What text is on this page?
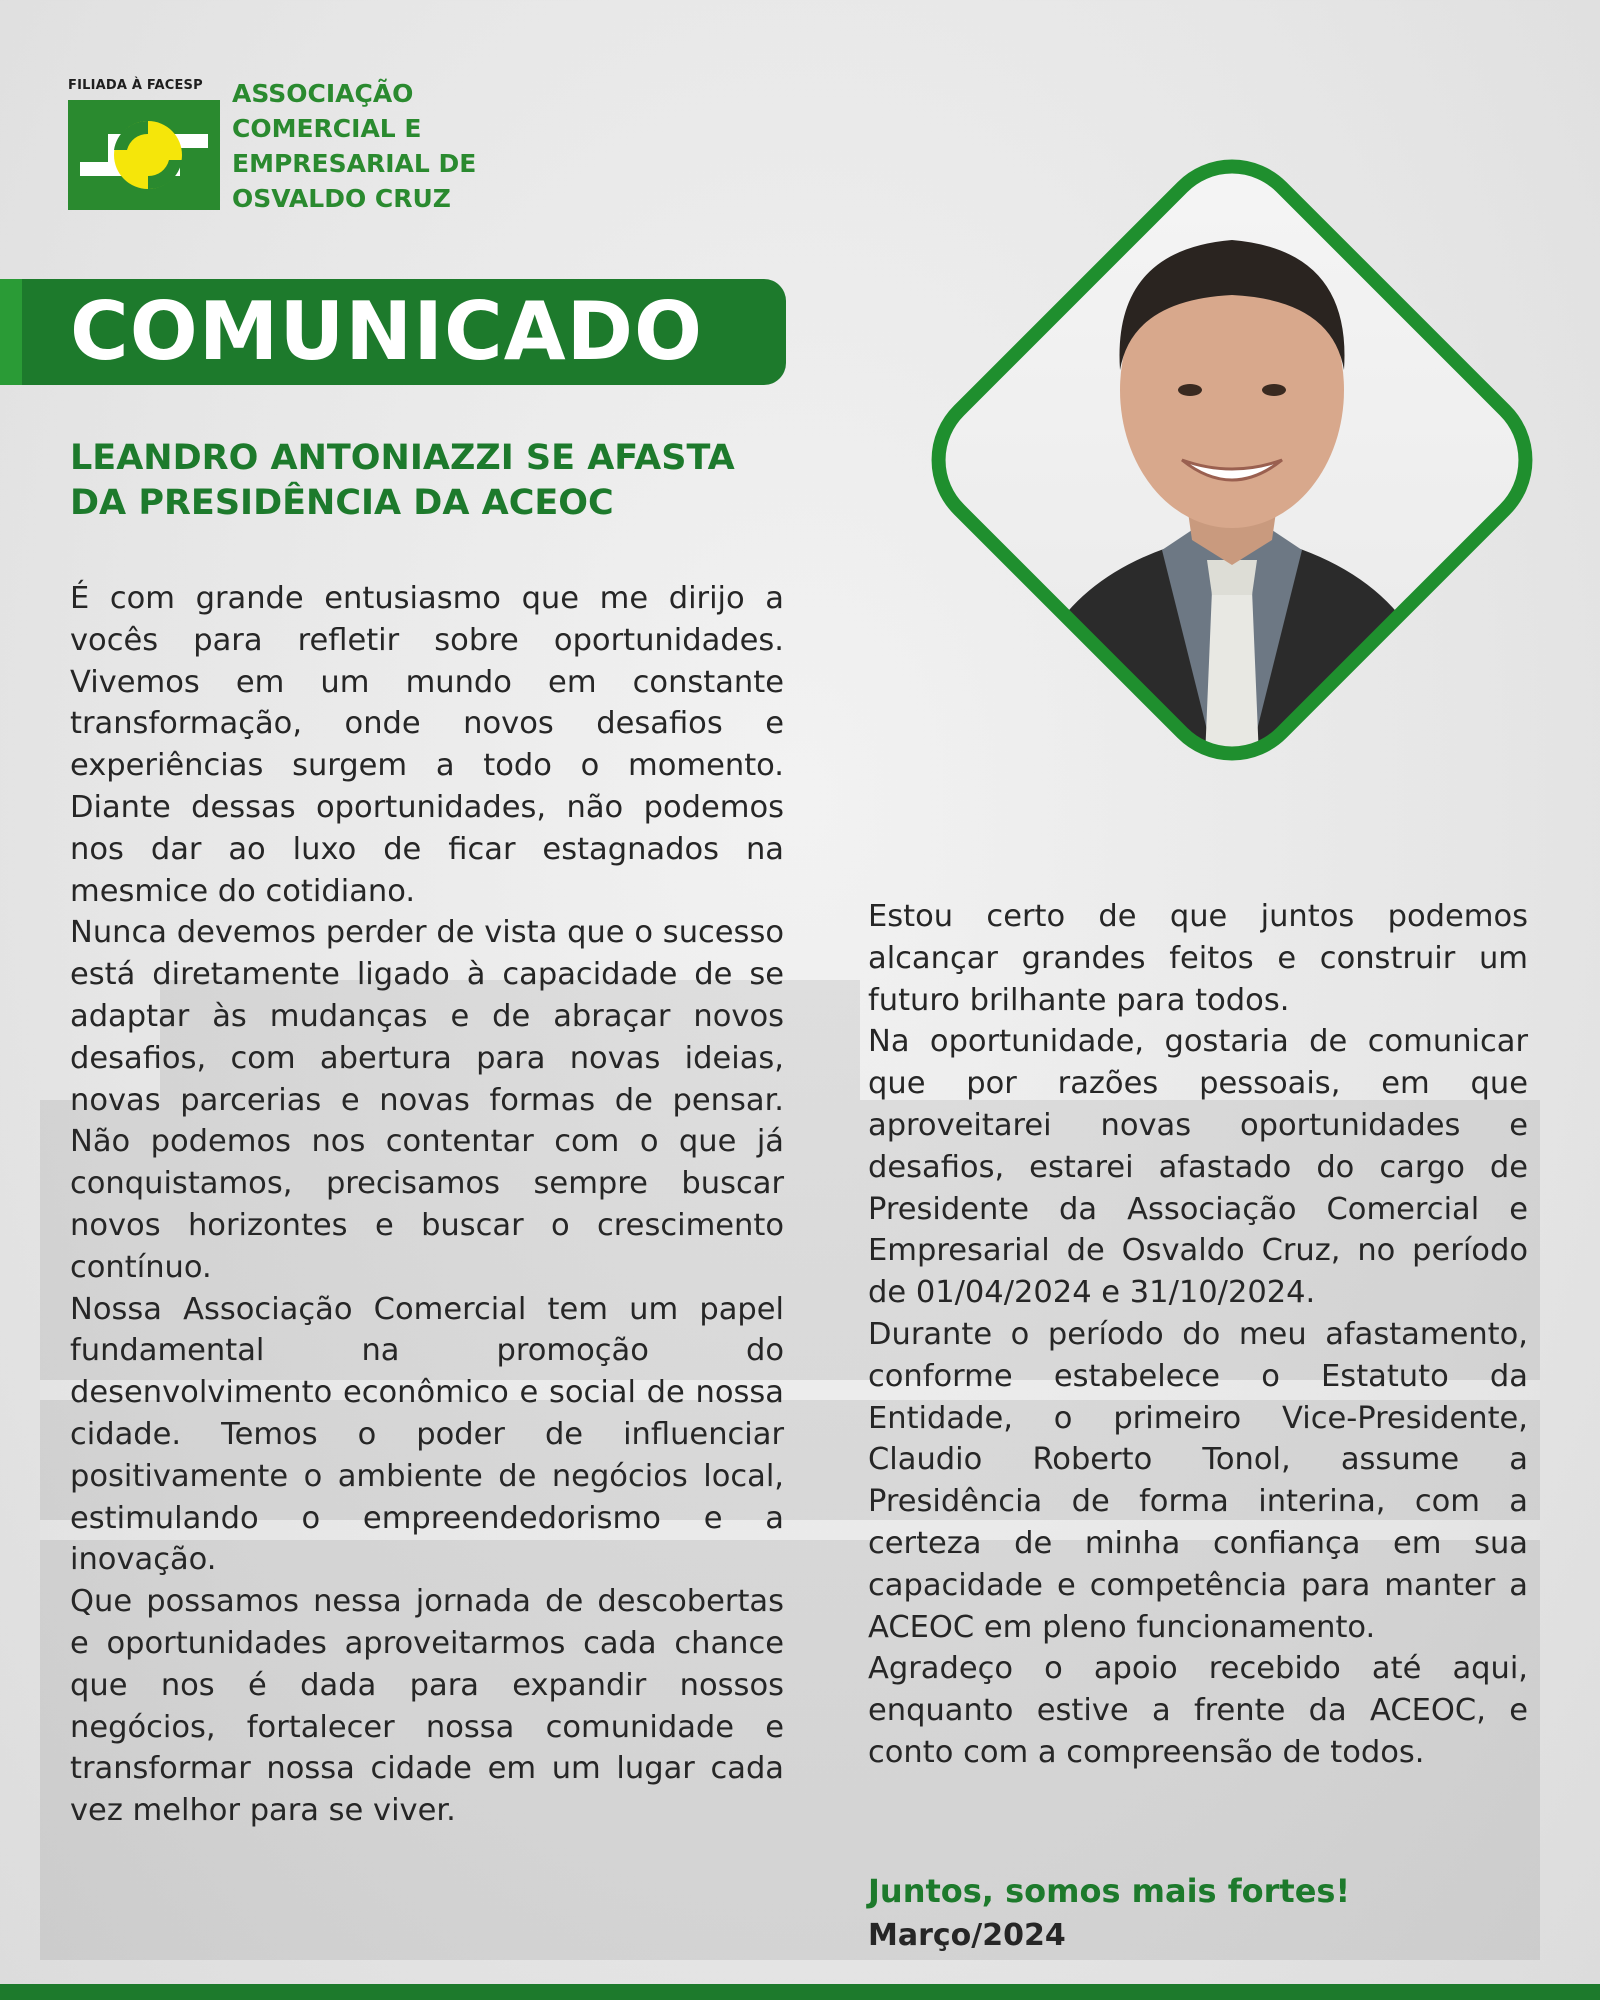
FILIADA À FACESP ASSOCIAÇÃO
COMERCIAL E
EMPRESARIAL DE
OSVALDO CRUZ
COMUNICADO
LEANDRO ANTONIAZZI SE AFASTA
DA PRESIDÊNCIA DA ACEOC

É com grande entusiasmo que me dirijo a vocês para refletir sobre oportunidades. Vivemos em um mundo em constante transformação, onde novos desafios e experiências surgem a todo o momento. Diante dessas oportunidades, não podemos nos dar ao luxo de ficar estagnados na mesmice do cotidiano.

Nunca devemos perder de vista que o sucesso está diretamente ligado à capacidade de se adaptar às mudanças e de abraçar novos desafios, com abertura para novas ideias, novas parcerias e novas formas de pensar. Não podemos nos contentar com o que já conquistamos, precisamos sempre buscar novos horizontes e buscar o crescimento contínuo.

Nossa Associação Comercial tem um papel fundamental na promoção do desenvolvimento econômico e social de nossa cidade. Temos o poder de influenciar positivamente o ambiente de negócios local, estimulando o empreendedorismo e a inovação.

Que possamos nessa jornada de descobertas e oportunidades aproveitarmos cada chance que nos é dada para expandir nossos negócios, fortalecer nossa comunidade e transformar nossa cidade em um lugar cada vez melhor para se viver.

Estou certo de que juntos podemos alcançar grandes feitos e construir um futuro brilhante para todos.

Na oportunidade, gostaria de comunicar que por razões pessoais, em que aproveitarei novas oportunidades e desafios, estarei afastado do cargo de Presidente da Associação Comercial e Empresarial de Osvaldo Cruz, no período de 01/04/2024 e 31/10/2024.

Durante o período do meu afastamento, conforme estabelece o Estatuto da Entidade, o primeiro Vice-Presidente, Claudio Roberto Tonol, assume a Presidência de forma interina, com a certeza de minha confiança em sua capacidade e competência para manter a ACEOC em pleno funcionamento.

Agradeço o apoio recebido até aqui, enquanto estive a frente da ACEOC, e conto com a compreensão de todos.

Juntos, somos mais fortes!
Março/2024
